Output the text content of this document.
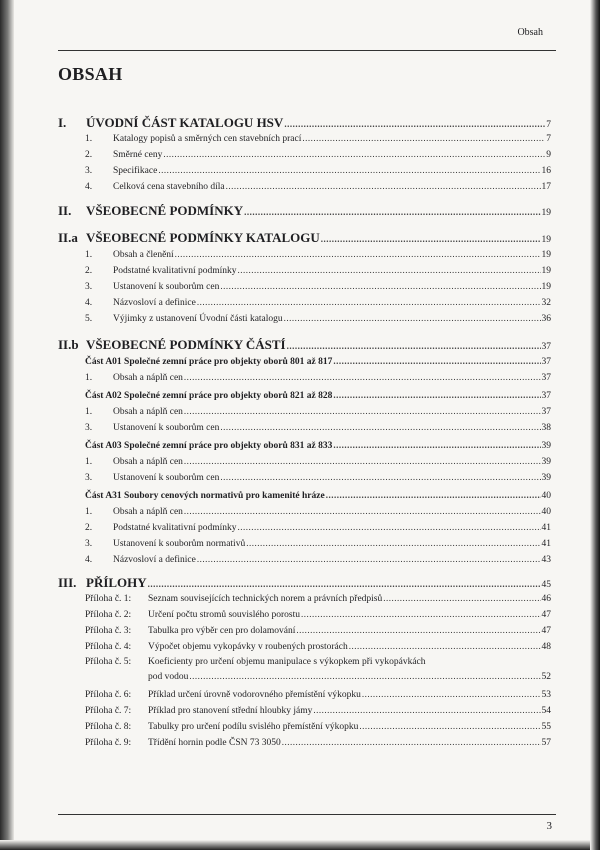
Obsah
OBSAH
I.	ÚVODNÍ ČÁST KATALOGU HSV .....	7
1.	Katalogy popisů a směrných cen stavebních prací .....	7
2.	Směrné ceny .....	9
3.	Specifikace .....	16
4.	Celková cena stavebního díla .....	17
II.	VŠEOBECNÉ PODMÍNKY .....	19
II.a VŠEOBECNÉ PODMÍNKY KATALOGU .....	19
1.	Obsah a členění .....	19
2.	Podstatné kvalitativní podmínky .....	19
3.	Ustanovení k souborům cen .....	19
4.	Názvosloví a definice .....	32
5.	Výjimky z ustanovení Úvodní části katalogu .....	36
II.b VŠEOBECNÉ PODMÍNKY ČÁSTÍ .....	37
Část A01 Společné zemní práce pro objekty oborů 801 až 817 .....	37
1.	Obsah a náplň cen .....	37
Část A02 Společné zemní práce pro objekty oborů 821 až 828 .....	37
1.	Obsah a náplň cen .....	37
3.	Ustanovení k souborům cen .....	38
Část A03 Společné zemní práce pro objekty oborů 831 až 833 .....	39
1.	Obsah a náplň cen .....	39
3.	Ustanovení k souborům cen .....	39
Část A31 Soubory cenových normativů pro kamenité hráze .....	40
1.	Obsah a náplň cen .....	40
2.	Podstatné kvalitativní podmínky .....	41
3.	Ustanovení k souborům normativů .....	41
4.	Názvosloví a definice .....	43
III. PŘÍLOHY .....	45
Příloha č. 1:	Seznam souvisejících technických norem a právních předpisů .....	46
Příloha č. 2:	Určení počtu stromů souvislého porostu .....	47
Příloha č. 3:	Tabulka pro výběr cen pro dolamování .....	47
Příloha č. 4:	Výpočet objemu vykopávky v roubených prostorách .....	48
Příloha č. 5:	Koeficienty pro určení objemu manipulace s výkopkem při vykopávkách
pod vodou .....	52
Příloha č. 6:	Příklad určení úrovně vodorovného přemístění výkopku .....	53
Příloha č. 7:	Příklad pro stanovení střední hloubky jámy .....	54
Příloha č. 8:	Tabulky pro určení podílu svislého přemístění výkopku .....	55
Příloha č. 9:	Třídění hornin podle ČSN 73 3050 .....	57
3
